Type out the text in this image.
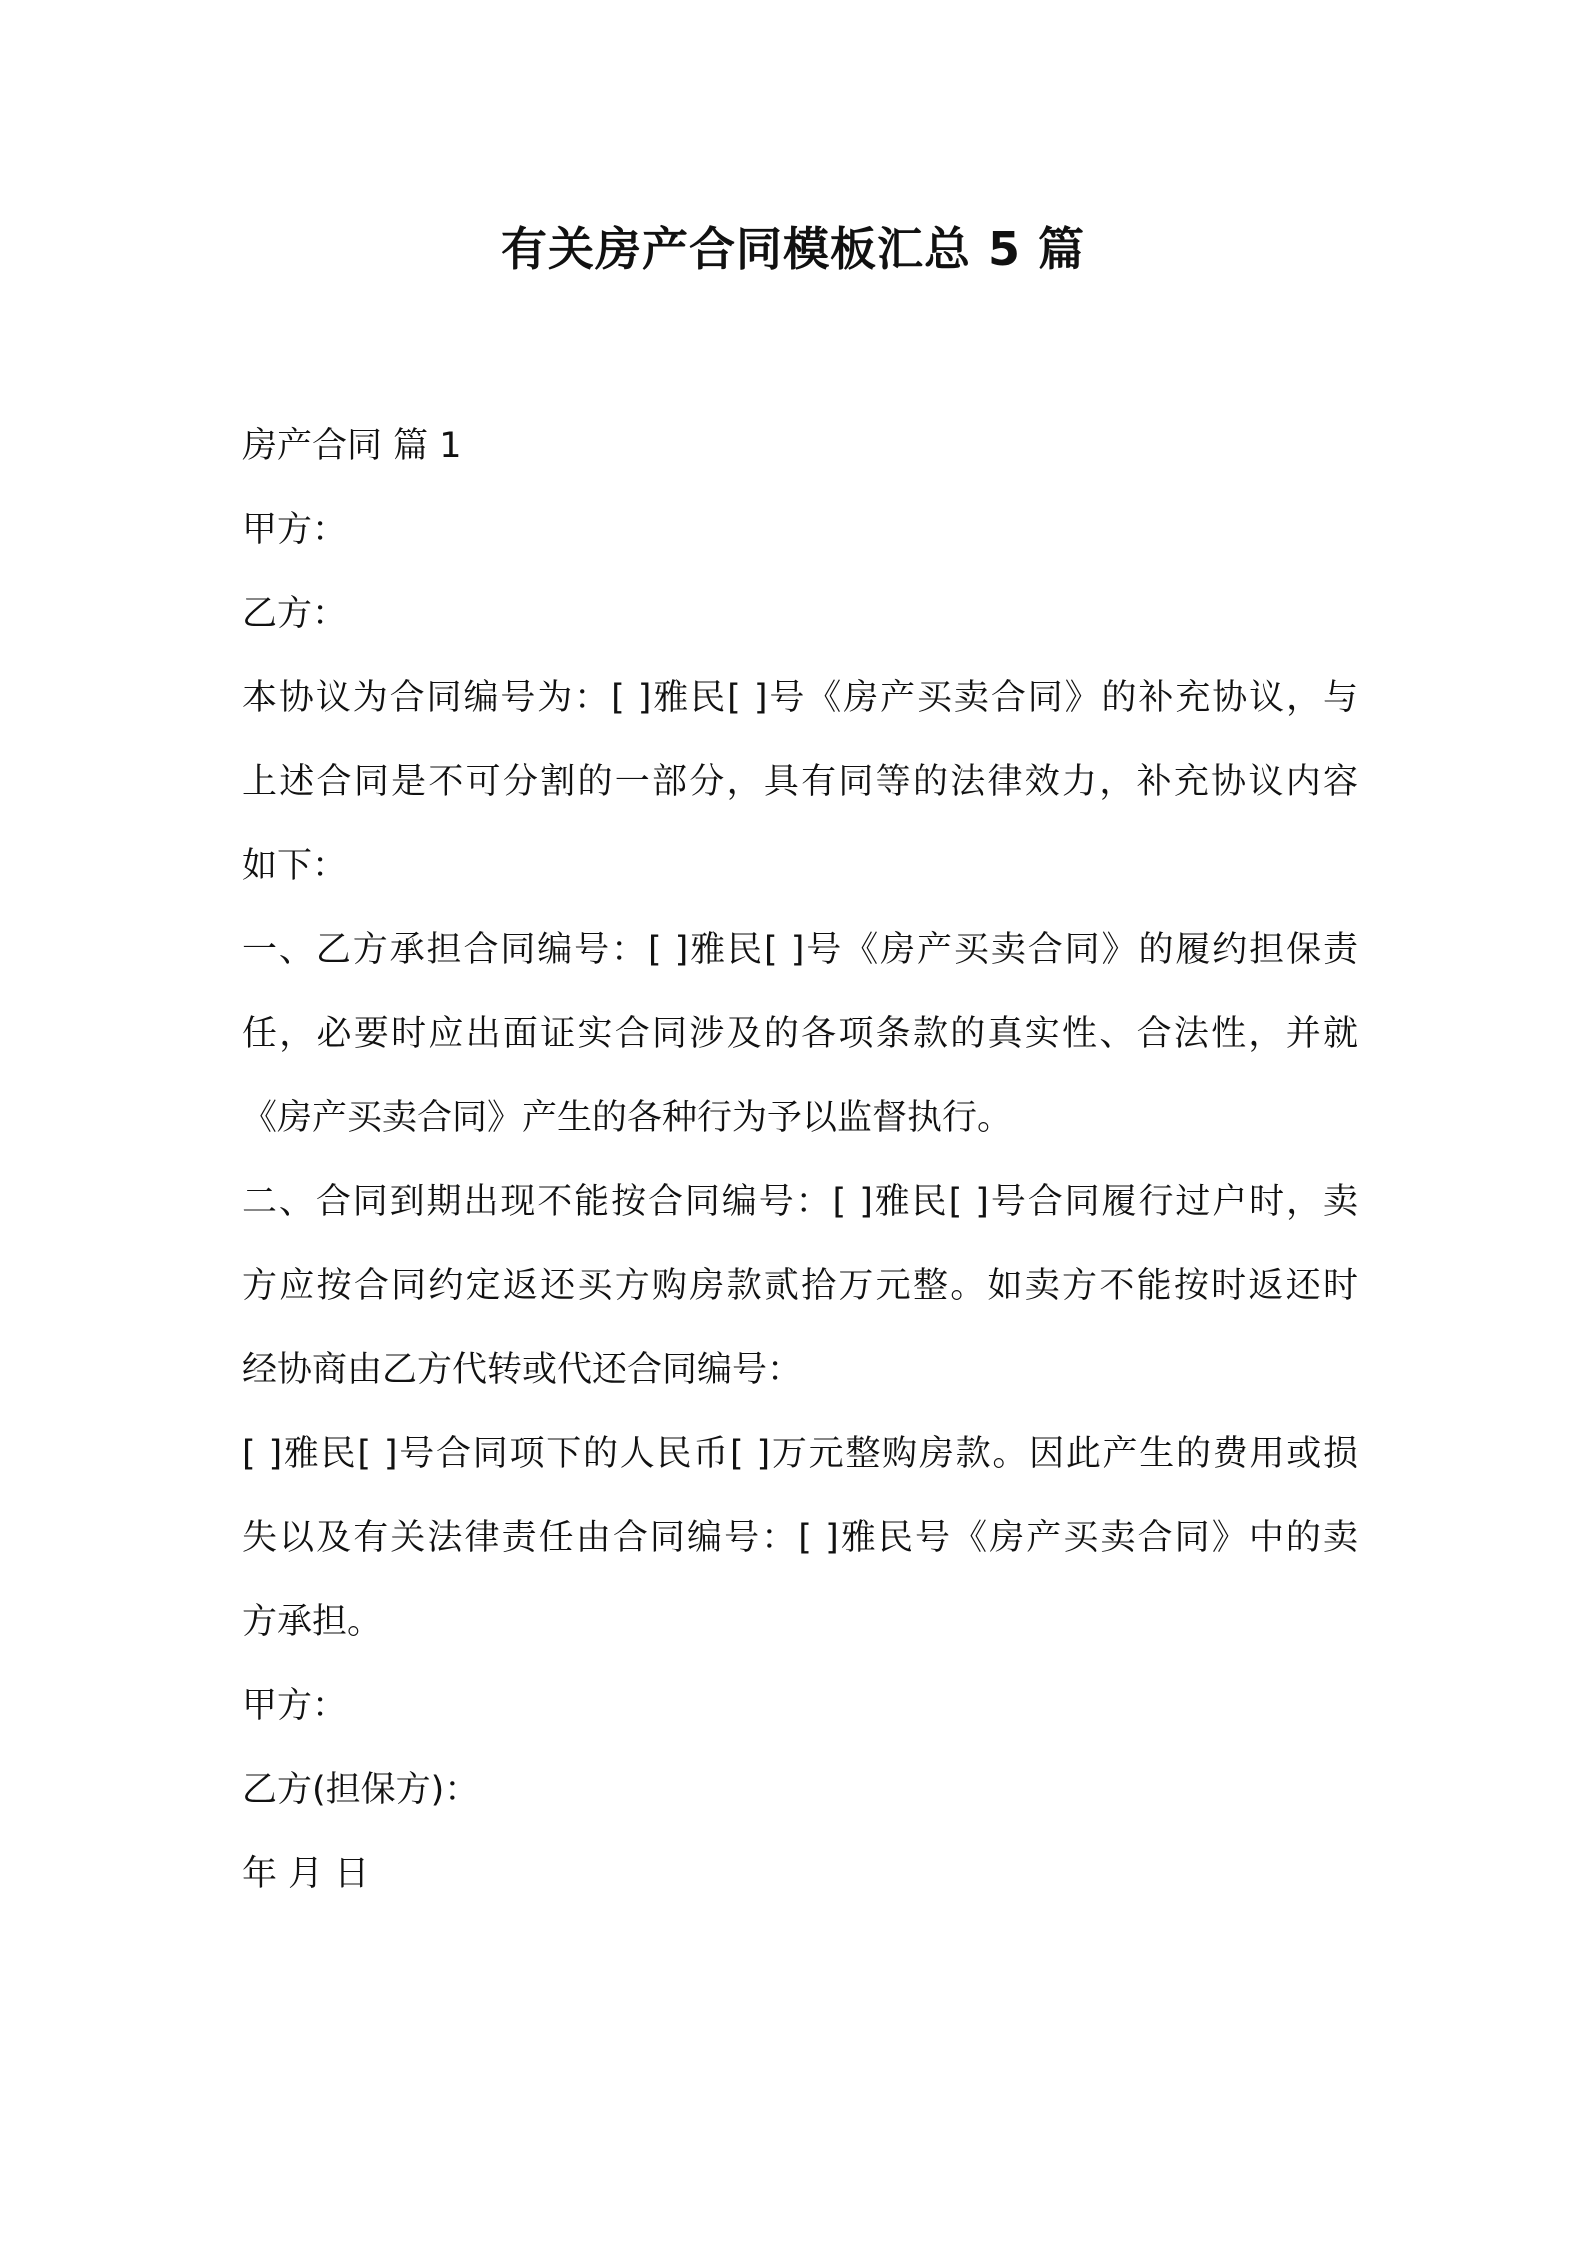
有关房产合同模板汇总 5 篇
房产合同 篇 1
甲方：
乙方：
本协议为合同编号为：[ ]雅民[ ]号《房产买卖合同》的补充协议，与
上述合同是不可分割的一部分，具有同等的法律效力，补充协议内容
如下：
一、乙方承担合同编号：[ ]雅民[ ]号《房产买卖合同》的履约担保责
任，必要时应出面证实合同涉及的各项条款的真实性、合法性，并就
《房产买卖合同》产生的各种行为予以监督执行。
二、合同到期出现不能按合同编号：[ ]雅民[ ]号合同履行过户时，卖
方应按合同约定返还买方购房款贰拾万元整。如卖方不能按时返还时
经协商由乙方代转或代还合同编号：
[ ]雅民[ ]号合同项下的人民币[ ]万元整购房款。因此产生的费用或损
失以及有关法律责任由合同编号：[ ]雅民号《房产买卖合同》中的卖
方承担。
甲方：
乙方(担保方)：
年 月 日
